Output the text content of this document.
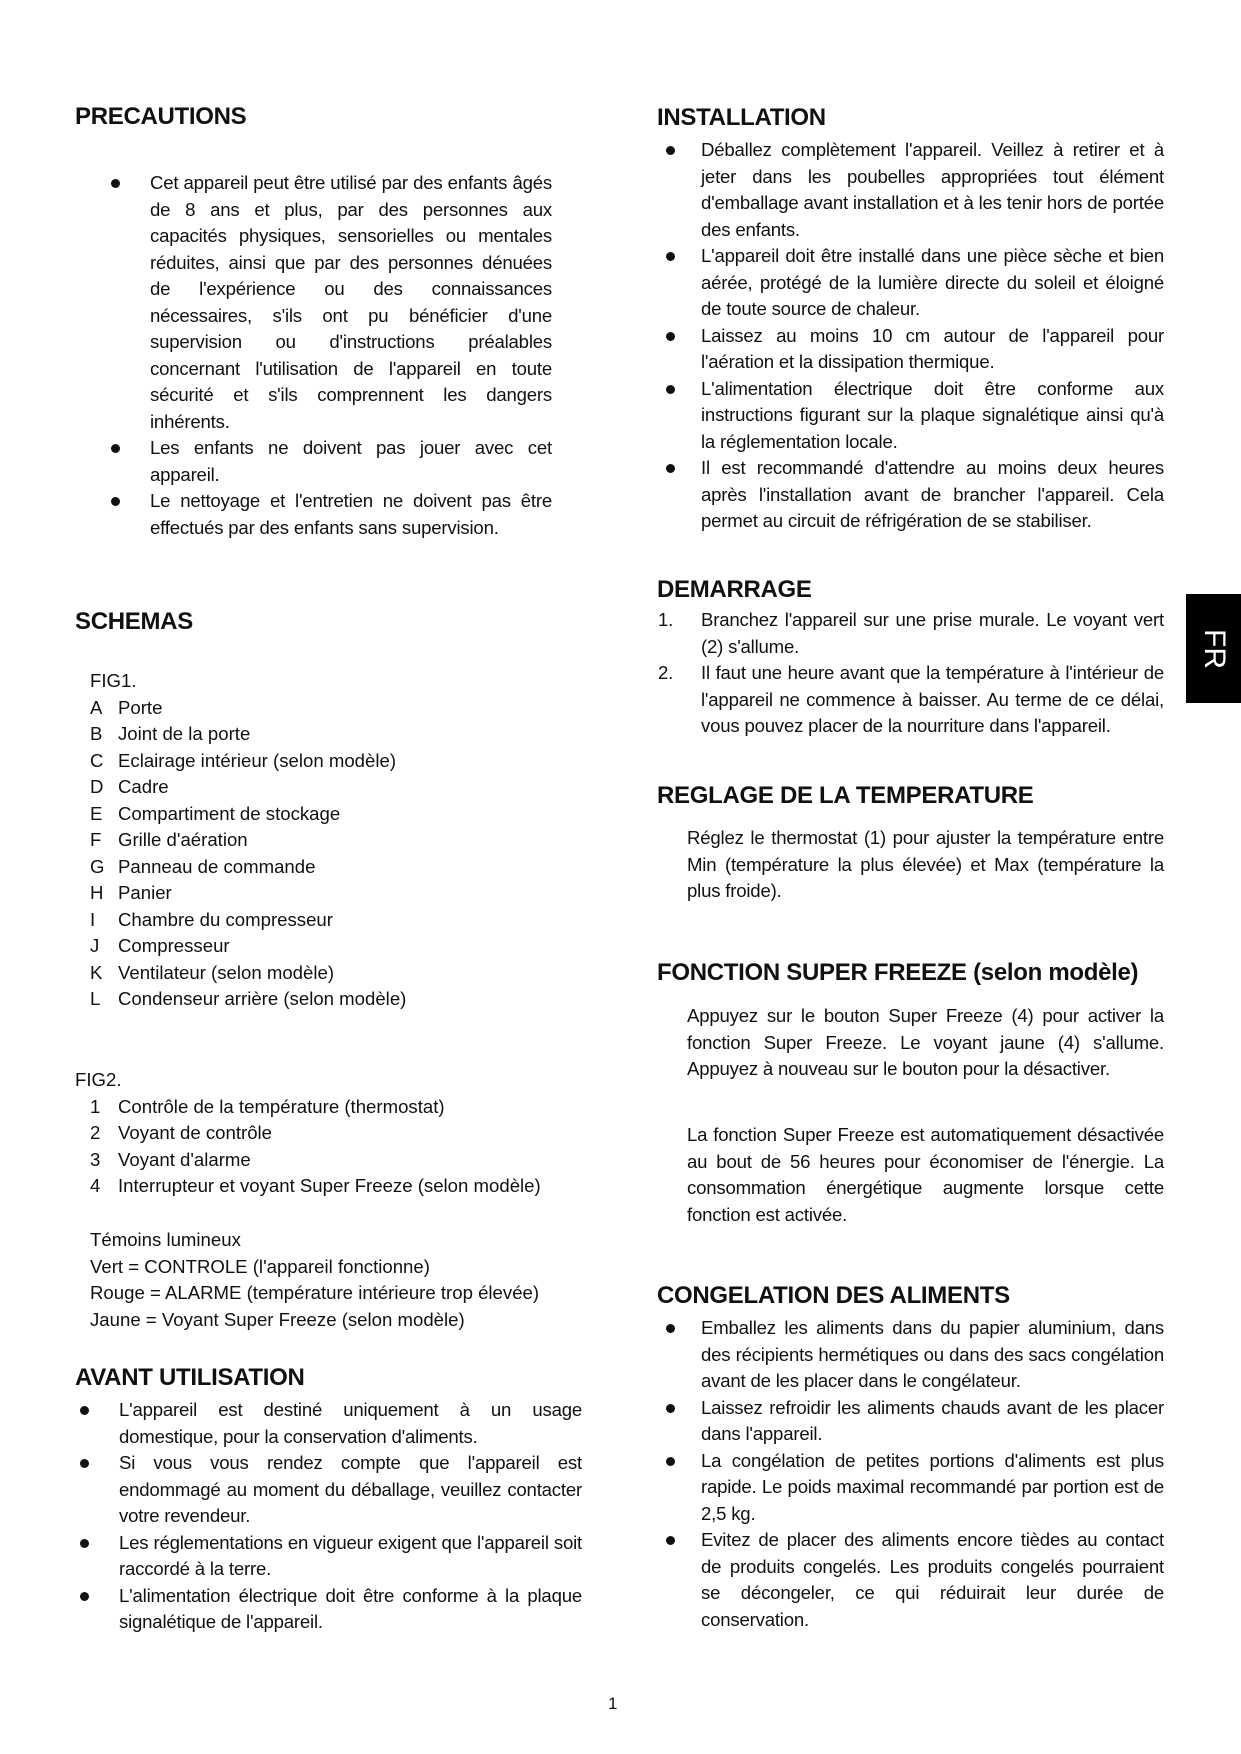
PRECAUTIONS
Cet appareil peut être utilisé par des enfants âgés de 8 ans et plus, par des personnes aux capacités physiques, sensorielles ou mentales réduites, ainsi que par des personnes dénuées de l'expérience ou des connaissances nécessaires, s'ils ont pu bénéficier d'une supervision ou d'instructions préalables concernant l'utilisation de l'appareil en toute sécurité et s'ils comprennent les dangers inhérents.
Les enfants ne doivent pas jouer avec cet appareil.
Le nettoyage et l'entretien ne doivent pas être effectués par des enfants sans supervision.
SCHEMAS
FIG1.
A Porte
B Joint de la porte
C Eclairage intérieur (selon modèle)
D Cadre
E Compartiment de stockage
F Grille d'aération
G Panneau de commande
H Panier
I Chambre du compresseur
J Compresseur
K Ventilateur (selon modèle)
L Condenseur arrière (selon modèle)
FIG2.
1 Contrôle de la température (thermostat)
2 Voyant de contrôle
3 Voyant d'alarme
4 Interrupteur et voyant Super Freeze (selon modèle)
Témoins lumineux
Vert = CONTROLE (l'appareil fonctionne)
Rouge = ALARME (température intérieure trop élevée)
Jaune = Voyant Super Freeze (selon modèle)
AVANT UTILISATION
L'appareil est destiné uniquement à un usage domestique, pour la conservation d'aliments.
Si vous vous rendez compte que l'appareil est endommagé au moment du déballage, veuillez contacter votre revendeur.
Les réglementations en vigueur exigent que l'appareil soit raccordé à la terre.
L'alimentation électrique doit être conforme à la plaque signalétique de l'appareil.
INSTALLATION
Déballez complètement l'appareil. Veillez à retirer et à jeter dans les poubelles appropriées tout élément d'emballage avant installation et à les tenir hors de portée des enfants.
L'appareil doit être installé dans une pièce sèche et bien aérée, protégé de la lumière directe du soleil et éloigné de toute source de chaleur.
Laissez au moins 10 cm autour de l'appareil pour l'aération et la dissipation thermique.
L'alimentation électrique doit être conforme aux instructions figurant sur la plaque signalétique ainsi qu'à la réglementation locale.
Il est recommandé d'attendre au moins deux heures après l'installation avant de brancher l'appareil. Cela permet au circuit de réfrigération de se stabiliser.
DEMARRAGE
1. Branchez l'appareil sur une prise murale. Le voyant vert (2) s'allume.
2. Il faut une heure avant que la température à l'intérieur de l'appareil ne commence à baisser. Au terme de ce délai, vous pouvez placer de la nourriture dans l'appareil.
REGLAGE DE LA TEMPERATURE
Réglez le thermostat (1) pour ajuster la température entre Min (température la plus élevée) et Max (température la plus froide).
FONCTION SUPER FREEZE (selon modèle)
Appuyez sur le bouton Super Freeze (4) pour activer la fonction Super Freeze. Le voyant jaune (4) s'allume. Appuyez à nouveau sur le bouton pour la désactiver.
La fonction Super Freeze est automatiquement désactivée au bout de 56 heures pour économiser de l'énergie. La consommation énergétique augmente lorsque cette fonction est activée.
CONGELATION DES ALIMENTS
Emballez les aliments dans du papier aluminium, dans des récipients hermétiques ou dans des sacs congélation avant de les placer dans le congélateur.
Laissez refroidir les aliments chauds avant de les placer dans l'appareil.
La congélation de petites portions d'aliments est plus rapide. Le poids maximal recommandé par portion est de 2,5 kg.
Evitez de placer des aliments encore tièdes au contact de produits congelés. Les produits congelés pourraient se décongeler, ce qui réduirait leur durée de conservation.
FR
1
